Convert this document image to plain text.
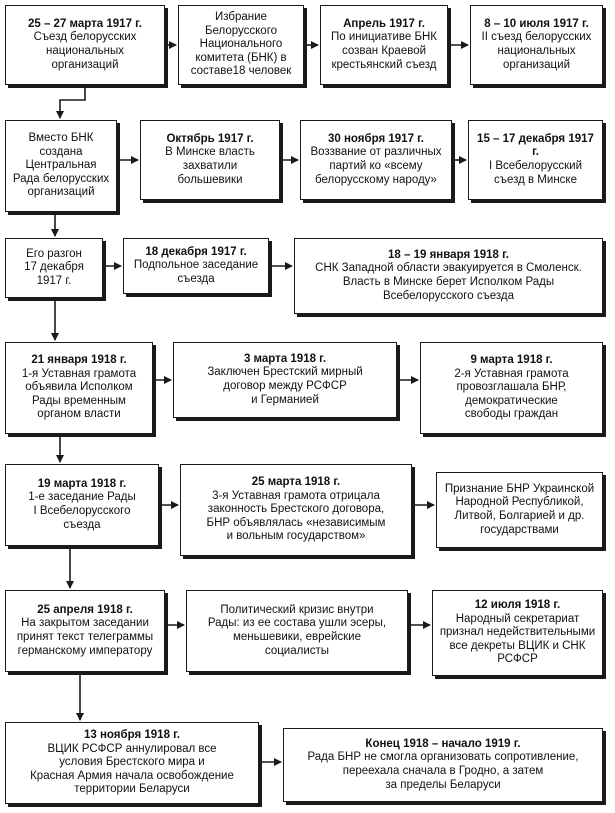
25 – 27 марта 1917 г.
Съезд белорусских
национальных
организаций
Избрание
Белорусского
Национального
комитета (БНК) в
составе18 человек
Апрель 1917 г.
По инициативе БНК
созван Краевой
крестьянский съезд
8 – 10 июля 1917 г.
II съезд белорусских
национальных
организаций
Вместо БНК
создана
Центральная
Рада белорусских
организаций
Октябрь 1917 г.
В Минске власть
захватили
большевики
30 ноября 1917 г.
Воззвание от различных
партий ко «всему
белорусскому народу»
15 – 17 декабря 1917 г.
I Всебелорусский
съезд в Минске
Его разгон
17 декабря
1917 г.
18 декабря 1917 г.
Подпольное заседание
съезда
18 – 19 января 1918 г.
СНК Западной области эвакуируется в Смоленск.
Власть в Минске берет Исполком Рады
Всебелорусского съезда
21 января 1918 г.
1-я Уставная грамота
объявила Исполком
Рады временным
органом власти
3 марта 1918 г.
Заключен Брестский мирный
договор между РСФСР
и Германией
9 марта 1918 г.
2-я Уставная грамота
провозглашала БНР,
демократические
свободы граждан
19 марта 1918 г.
1-е заседание Рады
I Всебелорусского
съезда
25 марта 1918 г.
3-я Уставная грамота отрицала
законность Брестского договора,
БНР объявлялась «независимым
и вольным государством»
Признание БНР Украинской
Народной Республикой,
Литвой, Болгарией и др.
государствами
25 апреля 1918 г.
На закрытом заседании
принят текст телеграммы
германскому императору
Политический кризис внутри
Рады: из ее состава ушли эсеры,
меньшевики, еврейские
социалисты
12 июля 1918 г.
Народный секретариат
признал недействительными
все декреты ВЦИК и СНК
РСФСР
13 ноября 1918 г.
ВЦИК РСФСР аннулировал все
условия Брестского мира и
Красная Армия начала освобождение
территории Беларуси
Конец 1918 – начало 1919 г.
Рада БНР не смогла организовать сопротивление,
переехала сначала в Гродно, а затем
за пределы Беларуси
